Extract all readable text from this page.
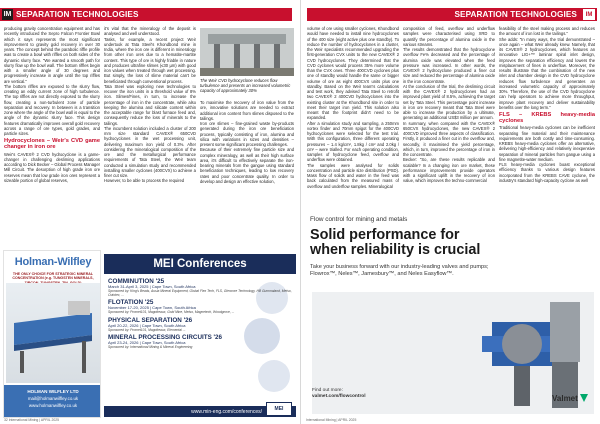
IM SEPARATION TECHNOLOGIES

producing gravity concentration equipment and has recently introduced the Sepro Falcon Frontier Bowl which it says represents the most significant improvement to gravity gold recovery in over 30 years. The concept behind the parabolic riffle profile was to create a bowl with riffles on both sides of the dynamic slurry face. "We wanted a smooth path for slurry flow up the bowl wall. The bottom riffles begin with a smaller angle of 30 degrees and progressively increase in angle until the top riffles are vertical."

The bottom riffles are exposed to the slurry flow, creating an eddy current zone of high turbulence. The top riffles are not directly exposed to the slurry flow, creating a non-turbulent zone of particle separation and recovery. In between is a transition zone where the angle of the bowl wall is equal to the angle of the dynamic slurry face. This design features dramatically improves overall gold recovery across a range of ore types, gold grades, and particle sizes.

Hydrocyclones – Weir's CVD game changer in iron ore

Weir's CAVEX® 2 CVD hydrocyclone is a game-changer in challenging desliming applications according to Dick Becker – Global Process Manager Mill Circuit. The desorption of high grade iron ore reserves mean that low grade iron ores represent a sizeable portion of global reserves,

it's vital that the mineralogy of the deposit is analysed and well understood.

Tasks, for example, a recent project Weir undertook at Tata Steel's Khondbond mine in India, where the iron ore is different in mineralogy from other iron ores due to a hematite-martite content. This type of ore is highly friable in nature and produces ultrafine slimes (≤30 µm) with good iron values when treated through wet processing. But simply, the loss of slime material can't be beneficiated through conventional process.

Tata Steel was exploring new technologies to recover the iron units in a threshold value of 8% iron. Slimes/Fines, in turn, to increase the percentage of iron in the concentrate, while also keeping the alumina and silicate content within the acceptable range for blast furnace feed and, consequently reduce the loss of minerals to the tailings.

The incumbent solution included a cluster of 200 mm size standard CAVEX® 650CVD hydrocyclones in the wet processing unit, delivering maximum iron yield of 0.3%. After considering the mineralogical composition of the ore and the metallurgical performance requirements of Tata Steel, the Weir team conducted a simulation study and recommended installing smaller cyclones (400CVX) to achieve a finer cut size.

However, to be able to process the required

The Weir CVD hydrocyclone reduces flow turbulence and presents an increased volumetric capacity of approximately 30%

To maximise the recovery of iron value from the ore, innovative solutions are needed to extract additional iron content from slimes disposed to the tailings.

Iron ore slimes – fine-grained waste by-products generated during the iron ore beneficiation process, typically consisting of iron, alumina and silica with variations in sizes and densities – present some significant processing challenges.

Because of their extremely fine particle size and complex mineralogy, as well as their high surface area, it's difficult to effectively separate the iron-bearing minerals from the gangue using standard beneficiation techniques, leading to low recovery rates and poor concentrate quality. In order to develop and design an effective solution,

Holman-Wilfley
THE ONLY CHOICE FOR STRATEGIC MINERAL CONCENTRATION (e.g. TUNGSTEN MINERALS,
HOLMAN WILFLEY LTD
mail@holmanwilfley.co.uk
www.holmanwilfley.co.uk
MEI Conferences
COMMINUTION '25
March 31-April 3, 2025 | Cape Town, South Africa
Sponsored by: King's Beads, Ausia Mineral Equipment, Global Flex Tech, FLS, Glencore Technology, HB Gummaland, Metso, Outotec, ...
FLOTATION '25
November 17-20, 2025 | Cape Town, South Africa
Sponsored by: Promet101, Magotteaux, Gold Mine, Metso, Magnetech, Woodgrove, ...
PHYSICAL SEPARATION '26
April 20-22, 2026 | Cape Town, South Africa
Sponsored by: Promet101, Magotteaux, Elemental ...
MINERAL PROCESSING CIRCUITS '26
April 23-24, 2026 | Cape Town, South Africa
Sponsored by: International Mining & Mineral Engineering
www.min-eng.com/conferences/	MEI
32 International Mining | APRIL 2025
SEPARATION TECHNOLOGIES	IM

volume of ore using smaller cyclones, Khondbond would have needed to install nine hydrocyclones of the 400 size (eight active plus one standby). To reduce the number of hydrocyclones in a cluster, the Weir specialists recommended upgrading the first-generation CVX units to the new CAVEX® 2 CVD hydrocyclones. They determined that the CVD cyclones would process 35% more volume than the CVX ones. Three 400CVD cyclones plus one of standby would handle the same or bigger volume of ore as eight 400CVX units plus one standby. Based on the Weir team's calculations and test work, they advised Tata Steel to retrofit two CAVEX® 2 400CVD hydrocyclones into the existing cluster at the Khondbond site in order to meet their target iron yield. This solution also meant that the footprint didn't need to be expanded.

After a simulation study and sampling, a 250mm vortex finder and 70mm spigot for the 400CVD hydrocyclones were selected for the test trial. With this configuration, three different operating pressures – 1.4 kg/cm², 1.8kg / cm² and 2.0kg / cm² – were trialled. For each operating condition, samples of hydrocyclone feed, overflow and underflow were obtained.

The samples were analysed for solids concentration and particle size distribution (PSD). Mass flow of solids and water in the feed was back calculated from the measured mass of overflow and underflow samples. Mineralogical

composition of feed, overflow and underflow samples were characterised using XRD to quantify the percentage of alumina oxide in the various streams.

The results demonstrated that the hydrocyclone overflow Fe% decreased and the percentage of alumina oxide was elevated when the feed pressure was increased. In other words, the CAVEX® 2 hydrocyclone produced a finer cut size and reduced the percentage of alumina oxide in the iron concentrate.

At the conclusion of the trial, the desliming circuit with the CAVEX® 2 hydrocyclones had an improved plant yield of 8.5%, achieving the target set by Tata Steel. This percentage point increase in iron ore recovery meant that Tata Steel were able to increase the production by a ultimate, generating an additional US$3 million per annum.

In summary, when compared with the CAVEX® 650CVX hydrocyclones, the new CAVEX® 2 400CVD improved three aspects of classification. Firstly, it produced a finer cut in the overflow and, secondly, it maximised the yield percentage, which, in turn, improved the percentage of iron in the concentrate.

Becker: "So, are these results replicable and scalable? In a changing iron ore market, these performance improvements provide operators with a significant uplift in the recovery of iron value, which improves the techno-commercial

feasibility of the steel making process and reduces the amount of iron lost in the tailings."

She adds: "In many ways, the trial demonstrated – once again – what Weir already knew. Namely, that its CAVEX® 2 hydrocyclones, which features an innovative LIG+™ laminar spiral inlet design, improves the separation efficiency and lowers the misplacement of fines in underflow. Moreover, the results illustrate that the combination of the new inlet and chamber design in the CVD hydrocyclone reduces flow turbulence and generates an increased volumetric capacity of approximately 30%. Therefore, the use of the CVD hydrocyclone can help operators to achieve more throughput, improve plant recovery and deliver sustainability benefits over the long term."

FLS – KREBS heavy-media cyclones

Traditional heavy-media cyclones can be inefficient separating fine material and their maintenance requirements are both costly and time-consuming. KREBS heavy-media cyclones offer an alternative, delivering high-efficiency and relatively inexpensive separation of mineral particles from gangue using a fine magnetite-water medium.

FLS heavy-media cyclones boast exceptional efficiency thanks to various design features incorporated from the KREBS CAVE cyclone, the industry's standard high-capacity cyclone as well

Flow control for mining and metals
Solid performance for
when reliability is crucial
Take your business forward with our industry-leading valves and pumps; Flowrox™, Neles™, Jamesbury™, and Neles Easyflow™.
Find out more:
valmet.com/flowcontrol	Valmet
International Mining | APRIL 2025
